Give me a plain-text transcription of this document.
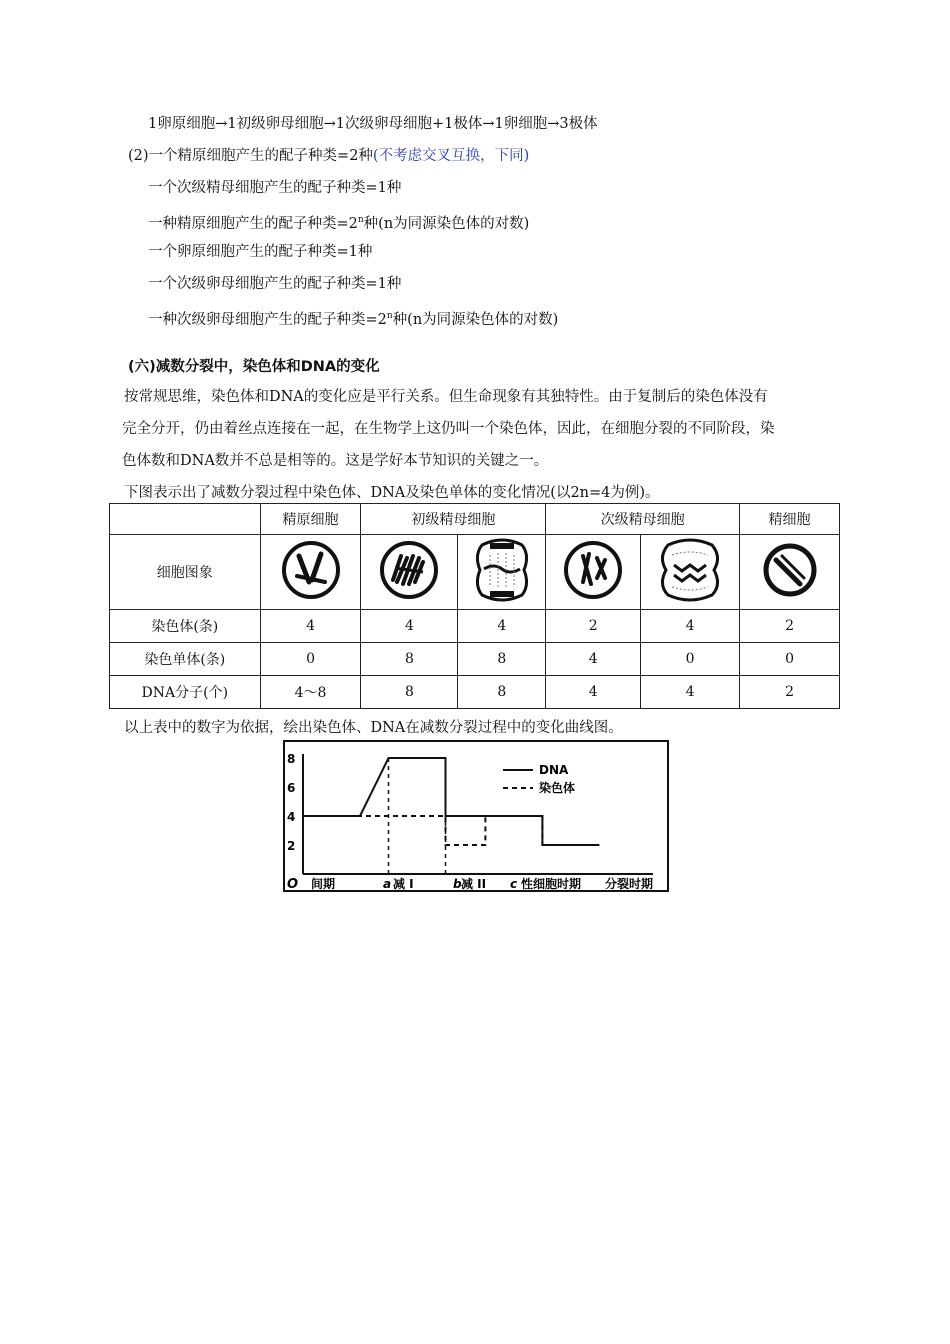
1卵原细胞→1初级卵母细胞→1次级卵母细胞+1极体→1卵细胞→3极体
(2)一个精原细胞产生的配子种类=2种(不考虑交叉互换，下同)
一个次级精母细胞产生的配子种类=1种
一种精原细胞产生的配子种类$=2^n$种(n为同源染色体的对数)
一个卵原细胞产生的配子种类=1种
一个次级卵母细胞产生的配子种类=1种
一种次级卵母细胞产生的配子种类$=2^n$种(n为同源染色体的对数)
(六)减数分裂中，染色体和DNA的变化
按常规思维，染色体和DNA的变化应是平行关系。但生命现象有其独特性。由于复制后的染色体没有
完全分开，仍由着丝点连接在一起，在生物学上这仍叫一个染色体，因此，在细胞分裂的不同阶段，染
色体数和DNA数并不总是相等的。这是学好本节知识的关键之一。
下图表示出了减数分裂过程中染色体、DNA及染色单体的变化情况(以2n=4为例)。
	精原细胞	初级精母细胞		次级精母细胞		精细胞
细胞图象						
染色体(条)	4	4	4	2	4	2
染色单体(条)	0	8	8	4	0	0
DNA分子(个)	4～8	8	8	4	4	2
以上表中的数字为依据，绘出染色体、DNA在减数分裂过程中的变化曲线图。
8
6
4
2
O 间期	a 减 I	b 减 II c 性细胞时期 分裂时期
DNA
染色体
